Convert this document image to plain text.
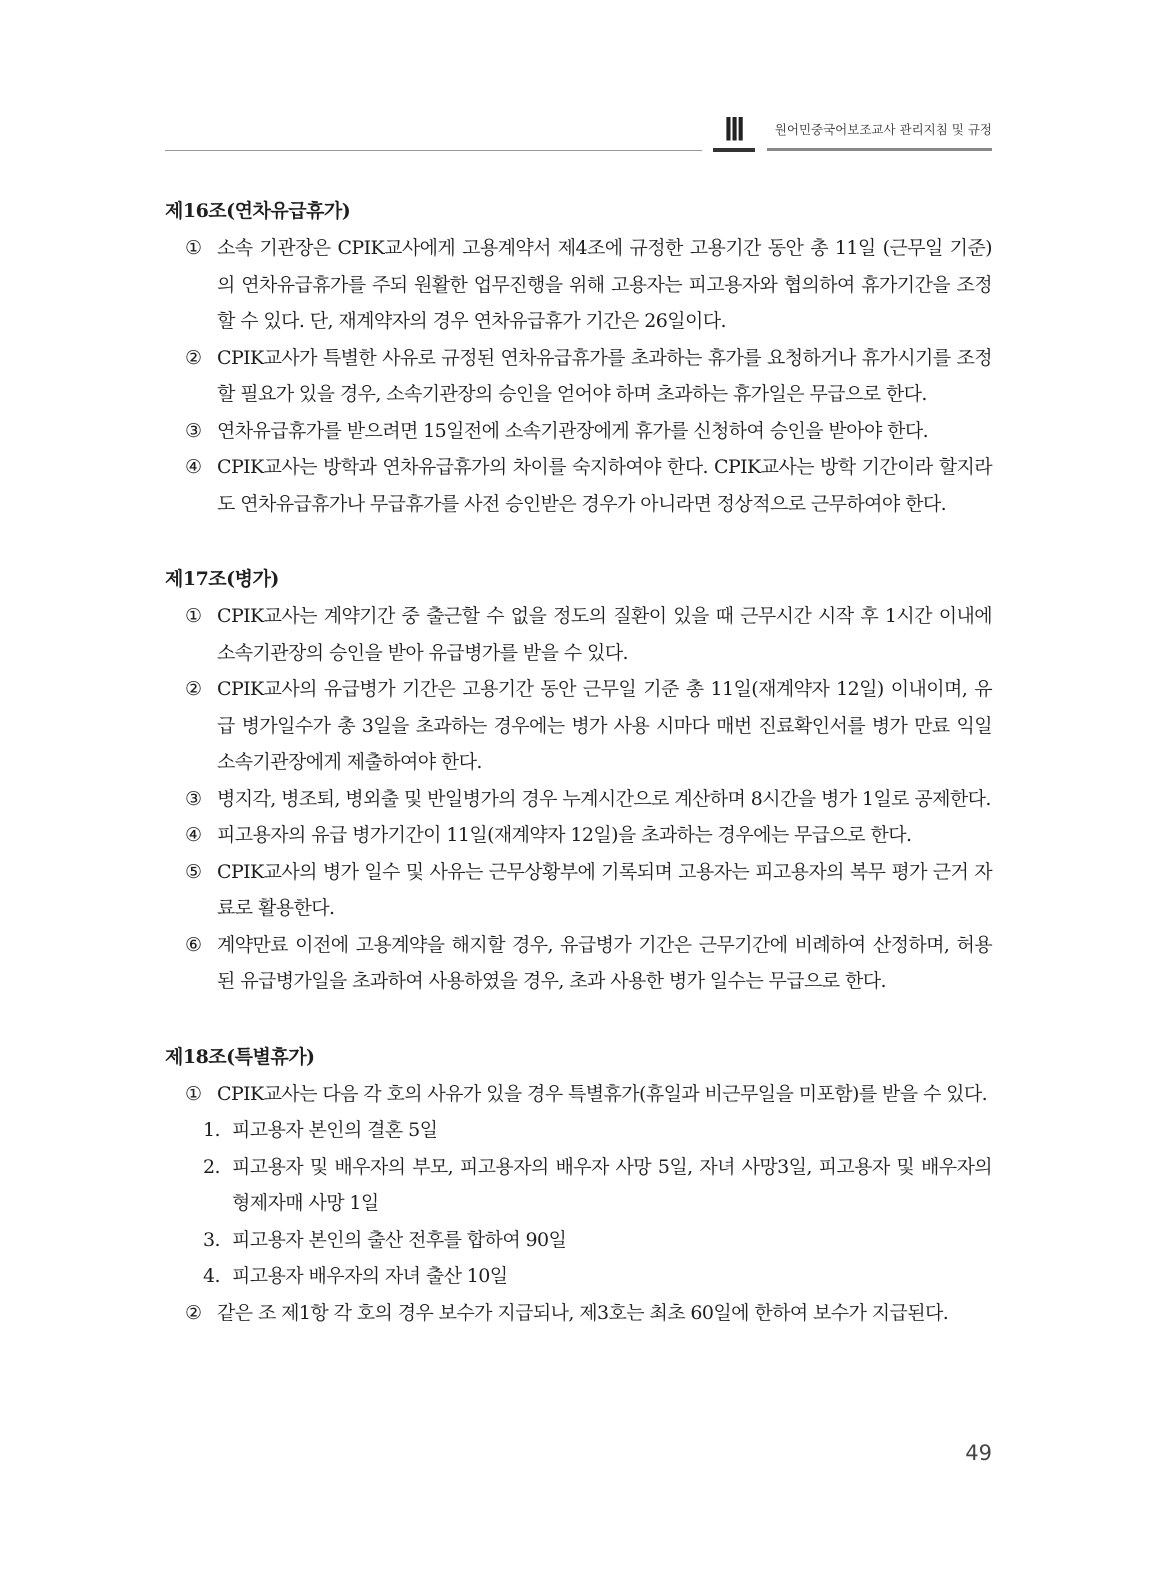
Ⅲ	원어민중국어보조교사 관리지침 및 규정
제16조(연차유급휴가)
① 소속 기관장은 CPIK교사에게 고용계약서 제4조에 규정한 고용기간 동안 총 11일 (근무일 기준)의 연차유급휴가를 주되 원활한 업무진행을 위해 고용자는 피고용자와 협의하여 휴가기간을 조정할 수 있다. 단, 재계약자의 경우 연차유급휴가 기간은 26일이다.
② CPIK교사가 특별한 사유로 규정된 연차유급휴가를 초과하는 휴가를 요청하거나 휴가시기를 조정할 필요가 있을 경우, 소속기관장의 승인을 얻어야 하며 초과하는 휴가일은 무급으로 한다.
③ 연차유급휴가를 받으려면 15일전에 소속기관장에게 휴가를 신청하여 승인을 받아야 한다.
④ CPIK교사는 방학과 연차유급휴가의 차이를 숙지하여야 한다. CPIK교사는 방학 기간이라 할지라도 연차유급휴가나 무급휴가를 사전 승인받은 경우가 아니라면 정상적으로 근무하여야 한다.
제17조(병가)
① CPIK교사는 계약기간 중 출근할 수 없을 정도의 질환이 있을 때 근무시간 시작 후 1시간 이내에 소속기관장의 승인을 받아 유급병가를 받을 수 있다.
② CPIK교사의 유급병가 기간은 고용기간 동안 근무일 기준 총 11일(재계약자 12일) 이내이며, 유급 병가일수가 총 3일을 초과하는 경우에는 병가 사용 시마다 매번 진료확인서를 병가 만료 익일 소속기관장에게 제출하여야 한다.
③ 병지각, 병조퇴, 병외출 및 반일병가의 경우 누계시간으로 계산하며 8시간을 병가 1일로 공제한다.
④ 피고용자의 유급 병가기간이 11일(재계약자 12일)을 초과하는 경우에는 무급으로 한다.
⑤ CPIK교사의 병가 일수 및 사유는 근무상황부에 기록되며 고용자는 피고용자의 복무 평가 근거 자료로 활용한다.
⑥ 계약만료 이전에 고용계약을 해지할 경우, 유급병가 기간은 근무기간에 비례하여 산정하며, 허용된 유급병가일을 초과하여 사용하였을 경우, 초과 사용한 병가 일수는 무급으로 한다.
제18조(특별휴가)
① CPIK교사는 다음 각 호의 사유가 있을 경우 특별휴가(휴일과 비근무일을 미포함)를 받을 수 있다.
1. 피고용자 본인의 결혼 5일
2. 피고용자 및 배우자의 부모, 피고용자의 배우자 사망 5일, 자녀 사망3일, 피고용자 및 배우자의 형제자매 사망 1일
3. 피고용자 본인의 출산 전후를 합하여 90일
4. 피고용자 배우자의 자녀 출산 10일
② 같은 조 제1항 각 호의 경우 보수가 지급되나, 제3호는 최초 60일에 한하여 보수가 지급된다.
49
